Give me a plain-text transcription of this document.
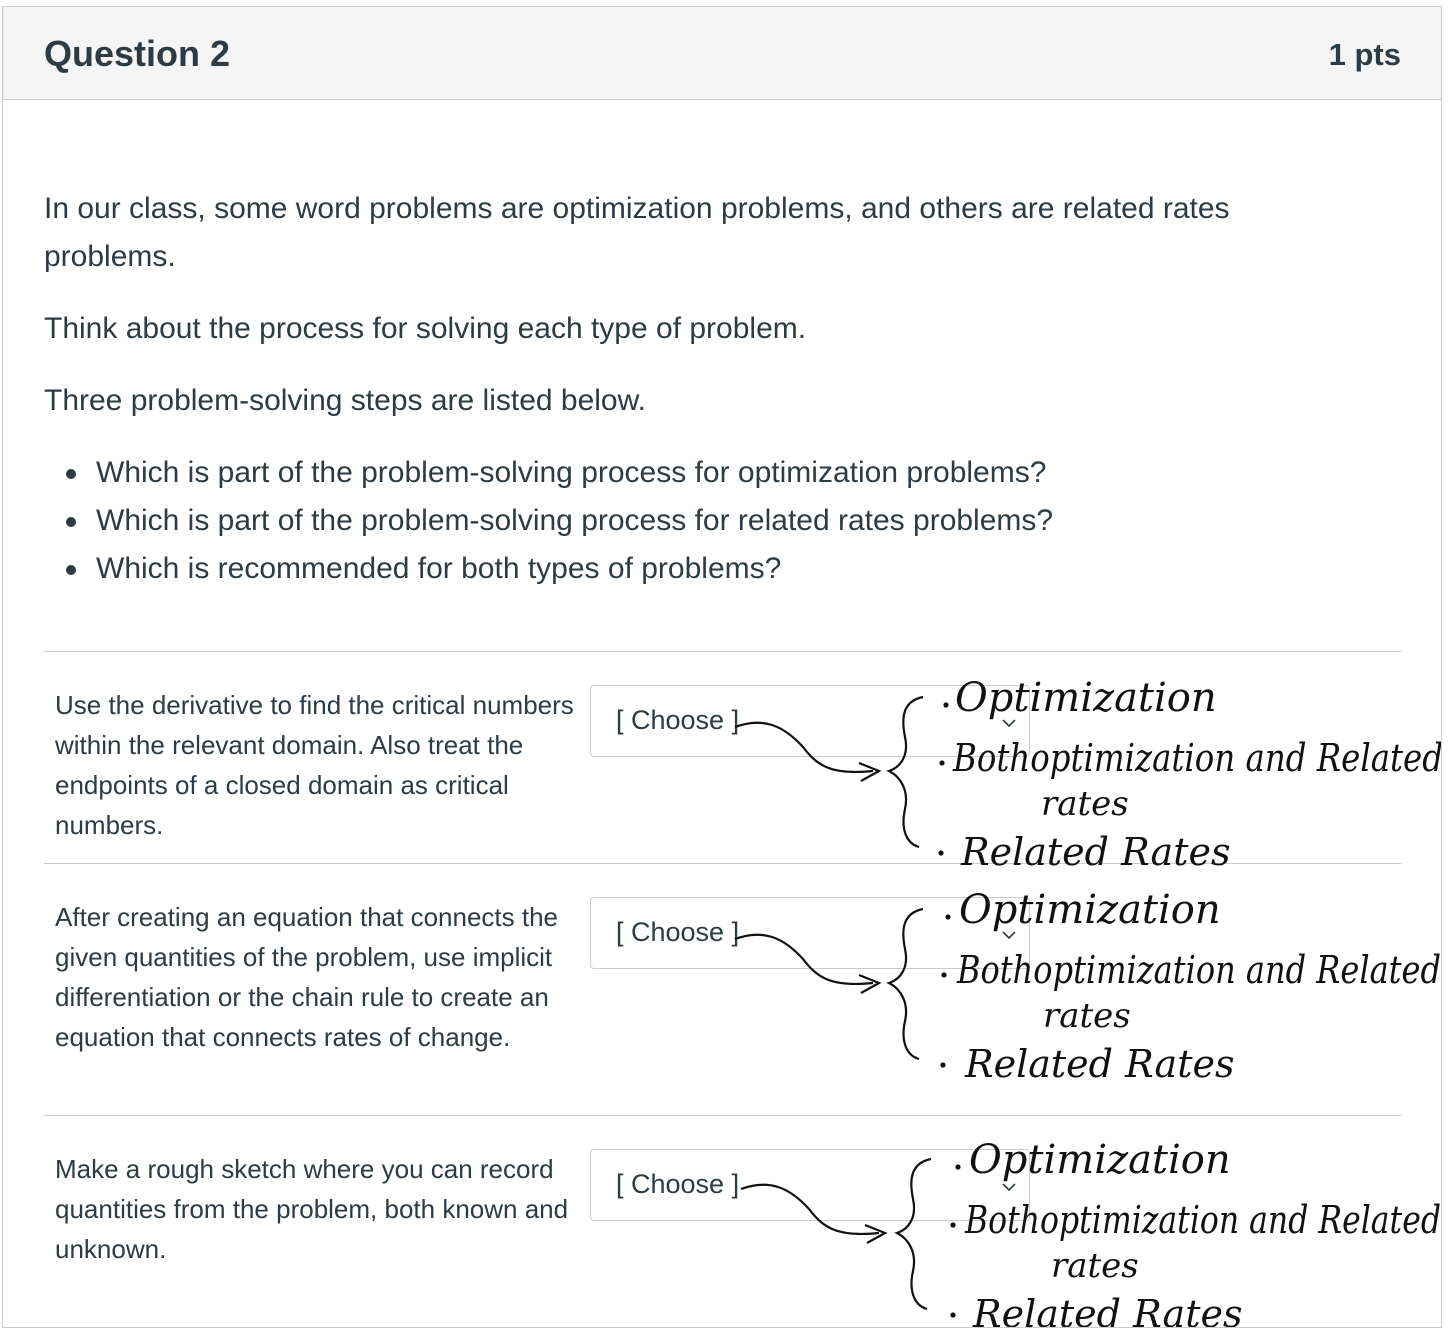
Question 2	1 pts

In our class, some word problems are optimization problems, and others are related rates problems.

Think about the process for solving each type of problem.

Three problem-solving steps are listed below.

Which is part of the problem-solving process for optimization problems?
Which is part of the problem-solving process for related rates problems?
Which is recommended for both types of problems?
Use the derivative to find the critical numbers within the relevant domain. Also treat the endpoints of a closed domain as critical numbers.
[ Choose ]
After creating an equation that connects the given quantities of the problem, use implicit differentiation or the chain rule to create an equation that connects rates of change.
[ Choose ]
Make a rough sketch where you can record quantities from the problem, both known and unknown.
[ Choose ]
Optimization
Bothoptimization and Related
rates
Related Rates
Optimization
Bothoptimization and Related
rates
Related Rates
Optimization
Bothoptimization and Related
rates
Related Rates
